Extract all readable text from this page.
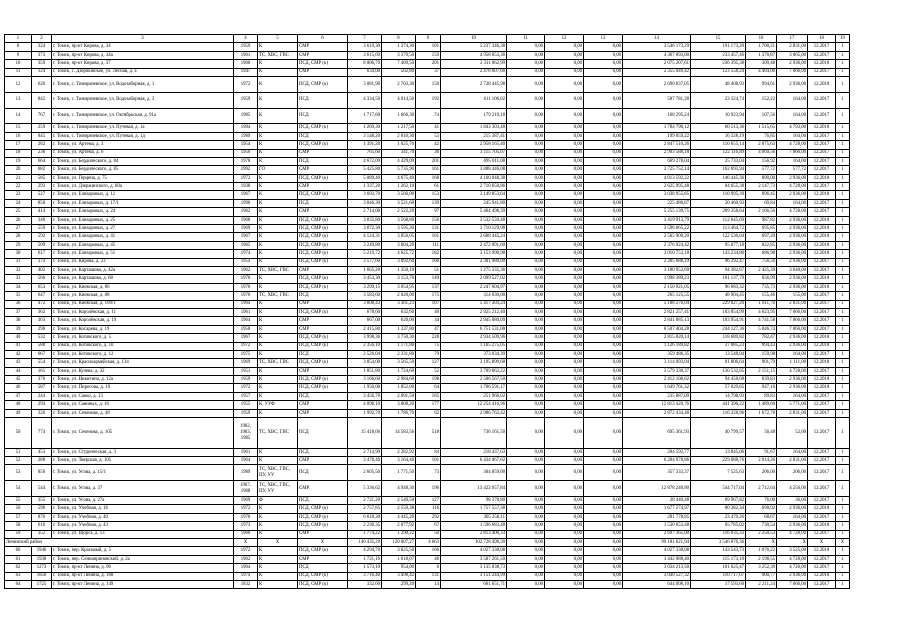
1	2	3	4	5	6	7	8	9	10	11	12	13	14	15	16	17	18	19
8	324	г. Томск, пр-кт Кирова, д. 34	1959	К	СМР	3 619,30	1 374,30	101	5 237 346,38	0,00	0,00	0,00	3 546 173,29	191 173,20	1 700,21	2 831,00	12.2017	1
9	373	г. Томск, пр-кт Кирова, д. 34а	1961	ТС, ХВС, ГВС	СМР	3 615,69	3 379,50	159	4 958 053,36	0,00	0,00	0,00	4 367 093,00	233 457,46	1 376,87	3 065,00	12.2017	1
10	359	г. Томск, пр-кт Кирова, д. 37	1960	К	ПСД, СМР (к)	8 006,70	7 409,50	201	2 311 062,99	0,00	0,00	0,00	2 075 207,61	236 395,38	309,48	2 936,00	12.2018	1
11	124	г. Томск, с. Дзержинское, ул. Лесная, д. 4	1947	К	СМР	634,00	562,80	37	2 478 607,66	0,00	0,00	0,00	2 355 049,42	123 558,24	4 404,06	7 066,00	12.2017	1
12	626	г. Томск, с. Тимирязевское, ул. Водозаборная, д. 1	1972	К	ПСД, СМР (к)	3 081,90	2 703,30	150	2 738 445,98	0,00	0,00	0,00	2 690 037,05	48 408,93	994,61	2 936,00	12.2018	1
13	842	г. Томск, с. Тимирязевское, ул. Водозаборная, д. 3	1959	К	ПСД	4 334,50	4 014,50	192	611 106,02	0,00	0,00	0,00	587 781,28	23 324,74	152,22	164,00	12.2017	1
14	767	г. Томск, с. Тимирязевское, ул. Октябрьская, д. 91а	1985	К	ПСД	1 717,60	1 666,30	74	179 219,18	0,00	0,00	0,00	168 295,24	10 923,94	107,56	164,00	12.2017	1
15	259	г. Томск, с. Тимирязевское, ул. Путевая, д. 1а	1984	К	ПСД, СМР (к)	1 269,30	1 217,50	41	1 843 303,48	0,00	0,00	0,00	1 784 790,12	60 513,36	1 515,65	4 793,00	12.2018	1
16	845	г. Томск, с. Тимирязевское, ул. Путевая, д. 1д	1989	К	ПСД	3 148,20	2 810,30	53	215 387,41	0,00	0,00	0,00	199 059,22	16 328,19	76,85	164,00	12.2017	1
17	282	г. Томск, ул. Артема, д. 3	1954	К	ПСД, СМР (к)	1 391,20	1 025,70	42	2 958 165,40	0,00	0,00	0,00	2 847 510,26	110 655,14	2 875,63	4 728,00	12.2017	1
18	236	г. Томск, ул. Артема, д. 6	1956	К	СМР	765,60	341,70	36	3 115 705,07	0,00	0,00	0,00	2 993 588,18	122 116,89	4 069,56	7 066,00	12.2017	1
19	664	г. Томск, ул. Бердического, д. 84	1978	К	ПСД	4 672,09	4 429,09	201	695 011,08	0,00	0,00	0,00	669 278,04	25 733,04	156,92	164,00	12.2017	1
20	682	г. Томск, ул. Бердического, д. 85	1992	ГО	СМР	5 425,80	5 735,90	161	3 888 446,08	0,00	0,00	0,00	3 725 752,14	162 693,94	577,72	577,72	12.2017	1
21	585	г. Томск, ул. Герцена, д. 75	1972	К	ПСД, СМР (к)	5 089,40	4 675,40	168	4 160 048,38	0,00	0,00	0,00	4 013 592,22	146 445,36	890,00	2 936,00	12.2018	1
22	293	г. Томск, ул. Дзержинского, д. 60а	1938	К	СМР	1 337,20	1 262,10	61	2 710 650,86	0,00	0,00	0,00	2 625 995,48	84 655,38	2 147,73	4 728,00	12.2017	1
23	527	г. Томск, ул. Елизаровых, д. 12	1967	К	ПСД, СМР (к)	3 693,70	3 566,00	153	3 149 853,64	0,00	0,00	0,00	3 038 955,85	110 995,39	896,45	2 936,00	12.2018	1
24	850	г. Томск, ул. Елизаровых, д. 17/1	1990	К	ПСД	3 846,30	3 521,60	139	245 941,80	0,00	0,00	0,00	225 480,87	20 460,93	69,84	164,00	12.2017	1
25	414	г. Томск, ул. Елизаровых, д. 24	1962	К	СМР	2 714,00	2 522,20	97	5 464 498,39	0,00	0,00	0,00	5 255 139,75	209 358,64	2 166,56	4 728,00	12.2017	1
26	346	г. Томск, ул. Елизаровых, д. 25	1968	К	ПСД, СМР (к)	3 835,80	3 568,80	156	3 532 559,48	0,00	0,00	0,00	3 419 913,79	112 645,69	987,82	2 936,00	12.2018	1
27	559	г. Томск, ул. Елизаровых, д. 27	1969	К	ПСД, СМР (к)	3 872,30	3 595,30	131	3 710 129,98	0,00	0,00	0,00	3 596 665,22	113 464,72	695,85	2 936,00	12.2018	1
28	592	г. Томск, ул. Елизаровых, д. 41	1967	К	ПСД, СМР (к)	4 124,31	3 856,05	161	2 688 445,24	0,00	0,00	0,00	2 565 909,20	122 536,04	697,20	2 936,00	12.2018	1
29	509	г. Томск, ул. Елизаровых, д. 45	1965	К	ПСД, СМР (к)	3 249,80	3 004,20	111	2 472 091,60	0,00	0,00	0,00	2 376 924,42	95 077,18	822,85	2 936,00	12.2018	1
30	617	г. Томск, ул. Елизаровых, д. 51	1974	К	ПСД, СМР (к)	5 219,72	4 625,72	182	3 153 990,98	0,00	0,00	0,00	3 010 753,18	143 234,80	686,98	2 936,00	12.2018	1
31	374	г. Томск, ул. Кирова, д. 23	1954	К	ПСД, СМР (к)	3 577,60	3 092,60	160	2 301 980,00	0,00	0,00	0,00	2 205 688,19	96 292,47	756,56	2 936,00	12.2017	1
32	402	г. Томск, ул. Карташова, д. 42а	1962	ТС, ХВС, ГВС	СМР	1 665,20	1 350,10	51	1 275 335,36	0,00	0,00	0,00	3 180 952,69	94 382,67	2 425,39	3 640,00	12.2017	1
33	566	г. Томск, ул. Карташова, д. 68	1970	К	ПСД, СМР (к)	3 453,30	3 153,70	149	2 099 527,02	0,00	0,00	0,00	1 998 389,23	101 137,79	656,99	2 936,00	12.2018	1
34	653	г. Томск, ул. Киевская, д. 86	1976	К	ПСД, СМР (к)	3 299,15	3 054,95	137	2 247 604,97	0,00	0,00	0,00	2 150 921,05	96 683,32	735,73	2 936,00	12.2018	1
35	647	г. Томск, ул. Киевская, д. 88	1976	ТС, ХВС, ГВС	ПСД	3 583,60	2 020,00	175	314 030,00	0,00	0,00	0,00	265 125,55	48 904,45	155,46	155,00	12.2017	1
36	472	г. Томск, ул. Киевская, д. 109/1	1964	К	СМР	3 608,43	3 361,23	107	5 417 303,24	0,00	0,00	0,00	5 188 276,04	229 027,20	1 611,70	2 831,00	12.2017	1
37	362	г. Томск, ул. Королёвская, д. 11	1961	К	ПСД, СМР (к)	678,60	632,60	40	2 925 212,40	0,00	0,00	0,00	2 821 257,41	103 854,99	4 623,95	7 066,00	12.2017	1
38	363	г. Томск, ул. Королёвская, д. 19	1964	К	СМР	667,00	620,00	34	2 945 080,09	0,00	0,00	0,00	2 841 885,13	103 954,91	4 741,58	7 066,00	12.2017	1
39	296	г. Томск, ул. Косарева, д. 19	1958	К	СМР	2 415,80	1 337,80	47	6 751 531,00	0,00	0,00	0,00	6 507 404,28	244 127,36	5 046,74	7 066,00	12.2017	1
40	532	г. Томск, ул. Котовского, д. 5	1967	К	ПСД, СМР (к)	3 998,36	3 750,30	228	2 934 509,96	0,00	0,00	0,00	2 815 820,14	118 689,82	782,47	2 936,00	12.2018	1
41	588	г. Томск, ул. Котовского, д. 10	1972	К	ПСД, СМР (к)	2 356,10	1 171,80	75	1 165 275,05	0,00	0,00	0,00	1 126 189,82	37 085,23	994,43	2 936,00	12.2018	1
42	667	г. Томск, ул. Котовского, д. 12	1975	К	ПСД	2 526,04	2 331,80	79	373 034,39	0,00	0,00	0,00	359 486,35	13 548,04	159,98	164,00	12.2017	1
43	554	г. Томск, ул. Красноармейская, д. 134	1969	ТС, ХВС, ГВС	ПСД, СМР (к)	3 854,00	3 565,50	127	3 195 899,68	0,00	0,00	0,00	3 114 093,04	81 806,64	901,79	1 111,00	12.2018	1
44	161	г. Томск, ул. Кулева, д. 32	1951	К	СМР	1 851,80	1 724,60	52	3 709 863,22	0,00	0,00	0,00	3 579 330,37	130 532,85	2 151,15	4 728,00	12.2017	1
45	376	г. Томск, ул. Никитина, д. 12а	1959	К	ПСД, СМР (к)	3 166,60	2 984,60	198	2 506 567,50	0,00	0,00	0,00	2 412 108,82	94 458,68	839,83	2 936,00	12.2018	1
46	587	г. Томск, ул. Пирогова, д. 19	1972	К	ПСД, СМР (к)	1 950,00	1 852,00	64	1 706 591,17	0,00	0,00	0,00	1 649 761,32	57 029,85	947,16	2 936,00	12.2018	1
47	244	г. Томск, ул. Сакко, д. 13	1957	К	ПСД	3 456,70	2 891,50	185	251 966,02	0,00	0,00	0,00	235 887,09	14 798,93	89,83	164,00	12.2017	1
48	294	г. Томск, ул. Савиных, д. 16	1955	К, УУФ	СМР	4 098,10	3 808,20	177	12 254 416,96	0,00	0,00	0,00	12 813 420,76	441 396,22	1 489,60	5 771,00	12.2017	1
49	326	г. Томск, ул. Сеченова, д. 48	1959	К	СМР	1 992,70	1 786,70	62	2 986 763,42	0,00	0,00	0,00	2 872 434,46	116 328,96	1 672,78	2 831,00	12.2017	1
50	774	г. Томск, ул. Сеченова, д. 105	1982, 1983, 1985	ТС, ХВС, ГВС	ПСД	15 418,66	14 583,56	518	736 161,50	0,00	0,00	0,00	695 361,93	40 799,57	56,48	52,00	12.2017	1
51	453	г. Томск, ул. Студенческая, д. 3	1961	К	ПСД	2 714,90	2 382,92	84	218 437,63	0,00	0,00	0,00	204 592,77	13 845,06	91,67	164,00	12.2017	1
52	288	г. Томск, ул. Тверская, д. 105	1964	К	СМР	3 478,40	3 164,40	101	6 434 067,62	0,00	0,00	0,00	6 204 978,86	229 088,76	2 014,26	2 831,00	12.2017	1
53	850	г. Томск, ул. Усова, д. 15/1	1989	ТС, ХВС, ГВС, ПУ, УУ	ПСД	2 605,50	1 771,50	73	364 859,00	0,00	0,00	0,00	357 333,37	7 525,63	206,00	206,00	12.2017	1
54	544	г. Томск, ул. Усова, д. 37	1967, 1968	ТС, ХВС, ГВС, ПУ, УУ	СМР	5 336,62	4 948,30	196	13 422 957,84	0,00	0,00	0,00	12 878 240,80	544 717,04	2 712,64	4 256,00	12.2017	1
55	355	г. Томск, ул. Усова, д. 27а	1969	Ф	ПСД	2 721,20	2 540,50	127	98 378,80	0,00	0,00	0,00	28 440,48	69 967,82	76,00	36,00	12.2017	1
56	596	г. Томск, ул. Учебная, д. 16	1972	К	ПСД, СМР (к)	2 757,85	2 559,38	116	1 757 557,38	0,00	0,00	0,00	1 677 274,97	80 382,34	690,02	2 936,00	12.2018	1
57	876	г. Томск, ул. Учебная, д. 40	1970	К	ПСД, СМР (к)	6 618,30	4 445,20	292	305 258,11	0,00	0,00	0,00	281 778,85	23 479,26	68,67	164,00	12.2017	1
58	610	г. Томск, ул. Учебная, д. 43	1973	К	ПСД, СМР (к)	2 230,35	2 077,92	67	1 596 683,48	0,00	0,00	0,00	1 530 653,48	65 785,02	730,54	2 936,00	12.2018	1
59	352	г. Томск, ул. Щорса, д. 13	1960	К	СМР	1 774,22	1 290,22	50	2 813 400,33	0,00	0,00	0,00	2 697 365,00	116 035,33	2 250,53	4 728,00	12.2017	1
Ленинский район			X	X	X	140 435,29	120 007,27	4 663	102 728 498,30	0,00	0,00	0,00	99 181 621,94	3 546 876,36	X	X	X	X
60	1946	г. Томск, пер. Краснаый, д. 5	1972	К	ПСД, СМР (к)	4 294,70	3 825,50	166	4 027 338,08	0,00	0,00	0,00	4 027 338,08	143 543,73	1 076,22	3 525,00	12.2018	1
61	1938	г. Томск, пер. Сеннаприновский, д. 2а	1962	К	СМР	1 721,16	1 618,07	48	3 587 261,50	0,00	0,00	0,00	3 442 088,40	115 173,10	2 198,55	4 728,00	12.2017	1
62	1273	г. Томск, пр-кт Ленина, д. 96	1964	К	ПСД	1 573,10	954,00	6	3 135 838,73	0,00	0,00	0,00	3 034 213,50	101 625,47	3 252,39	4 726,00	12.2017	1
63	1856	г. Томск, пр-кт Ленина, д. 168	1974	К	ПСД, СМР (к)	3 716,40	3 498,42	131	3 151 244,99	0,00	0,00	0,00	3 040 527,32	110 717,67	900,77	2 936,00	12.2018	1
64	1725	г. Томск, пр-кт Ленина, д. 149	1832	К	ПСД, СМР (к)	332,60	299,20	14	661 651,71	0,00	0,00	0,00	644 008,10	17 593,60	2 211,24	7 066,00	12.2017	1
